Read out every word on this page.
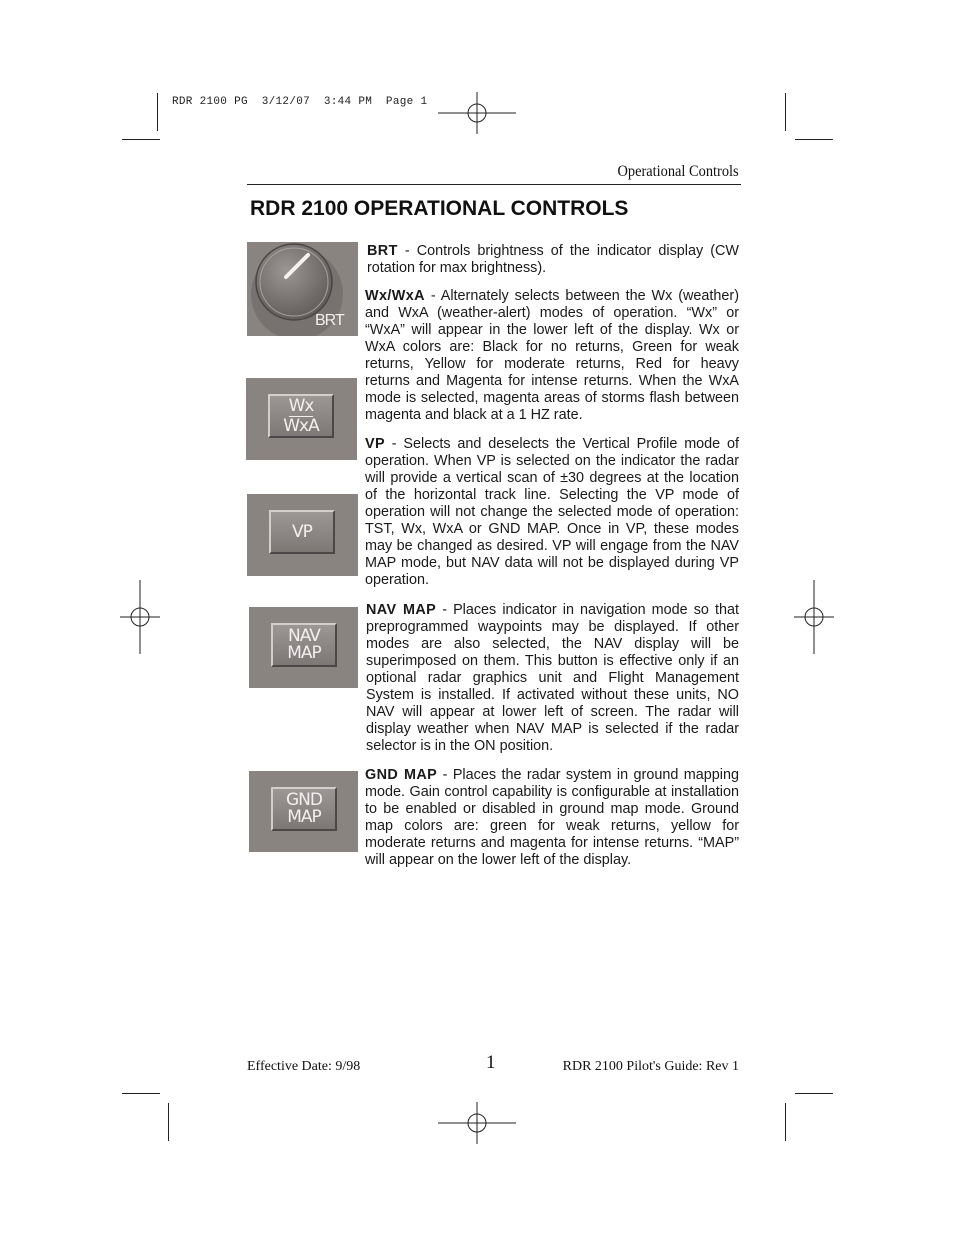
RDR 2100 PG  3/12/07  3:44 PM  Page 1
Operational Controls
RDR 2100 OPERATIONAL CONTROLS
BRT
Wx
WxA
VP
NAV
MAP
GND
MAP

BRT - Controls brightness of the indicator display (CW rotation for max brightness).

Wx/WxA - Alternately selects between the Wx (weather) and WxA (weather-alert) modes of operation. “Wx” or “WxA” will appear in the lower left of the display. Wx or WxA colors are: Black for no returns, Green for weak returns, Yellow for moderate returns, Red for heavy returns and Magenta for intense returns. When the WxA mode is selected, magenta areas of storms flash between magenta and black at a 1 HZ rate.

VP - Selects and deselects the Vertical Profile mode of operation. When VP is selected on the indicator the radar will provide a vertical scan of ±30 degrees at the location of the horizontal track line. Selecting the VP mode of operation will not change the selected mode of operation: TST, Wx, WxA or GND MAP. Once in VP, these modes may be changed as desired. VP will engage from the NAV MAP mode, but NAV data will not be displayed during VP operation.

NAV MAP - Places indicator in navigation mode so that preprogrammed waypoints may be displayed. If other modes are also selected, the NAV display will be superimposed on them. This button is effective only if an optional radar graphics unit and Flight Management System is installed. If activated without these units, NO NAV will appear at lower left of screen. The radar will display weather when NAV MAP is selected if the radar selector is in the ON position.

GND MAP - Places the radar system in ground mapping mode. Gain control capability is configurable at installation to be enabled or disabled in ground map mode. Ground map colors are: green for weak returns, yellow for moderate returns and magenta for intense returns. “MAP” will appear on the lower left of the display.

Effective Date: 9/98	1	RDR 2100 Pilot's Guide: Rev 1
